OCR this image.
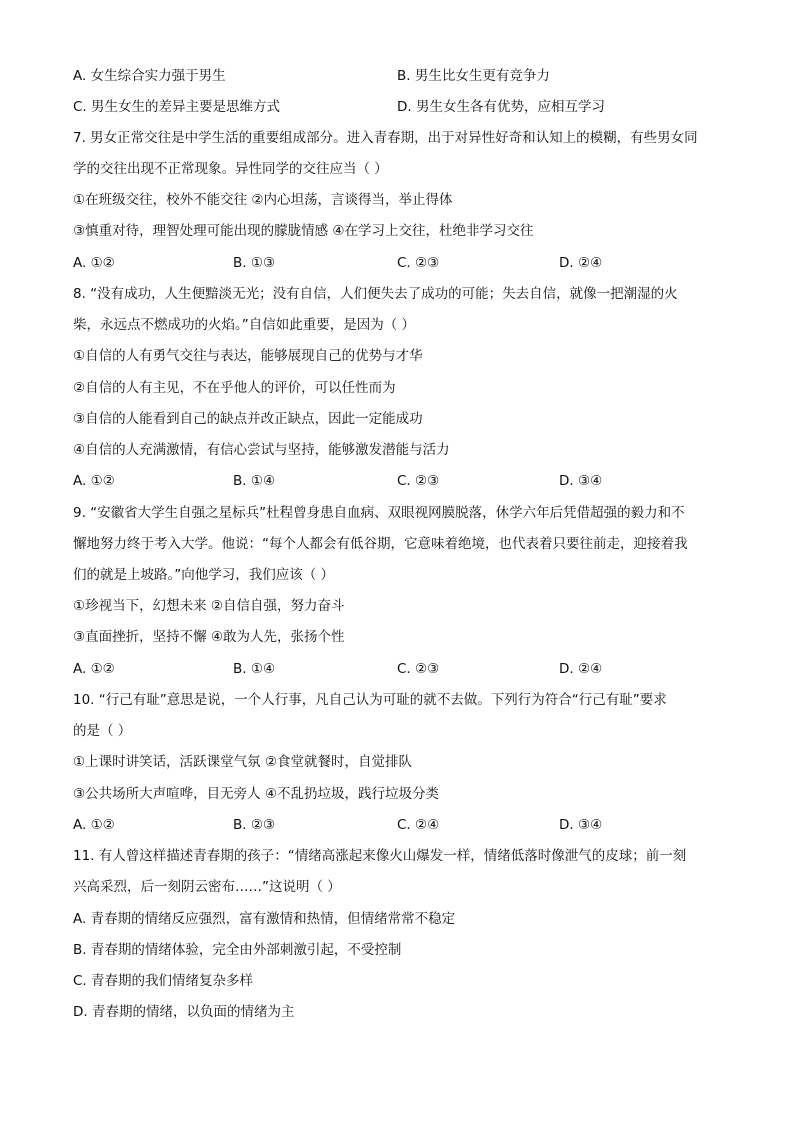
A. 女生综合实力强于男生	B. 男生比女生更有竞争力
C. 男生女生的差异主要是思维方式	D. 男生女生各有优势，应相互学习
7. 男女正常交往是中学生活的重要组成部分。进入青春期，出于对异性好奇和认知上的模糊，有些男女同
学的交往出现不正常现象。异性同学的交往应当（ ）
①在班级交往，校外不能交往 ②内心坦荡，言谈得当，举止得体
③慎重对待，理智处理可能出现的朦胧情感 ④在学习上交往，杜绝非学习交往
A. ①②	B. ①③	C. ②③	D. ②④
8. “没有成功，人生便黯淡无光；没有自信，人们便失去了成功的可能；失去自信，就像一把潮湿的火
柴，永远点不燃成功的火焰。”自信如此重要，是因为（ ）
①自信的人有勇气交往与表达，能够展现自己的优势与才华
②自信的人有主见，不在乎他人的评价，可以任性而为
③自信的人能看到自己的缺点并改正缺点，因此一定能成功
④自信的人充满激情，有信心尝试与坚持，能够激发潜能与活力
A. ①②	B. ①④	C. ②③	D. ③④
9. “安徽省大学生自强之星标兵”杜程曾身患自血病、双眼视网膜脱落，休学六年后凭借超强的毅力和不
懈地努力终于考入大学。他说：“每个人都会有低谷期，它意味着绝境，也代表着只要往前走，迎接着我
们的就是上坡路。”向他学习，我们应该（ ）
①珍视当下，幻想未来 ②自信自强，努力奋斗
③直面挫折，坚持不懈 ④敢为人先，张扬个性
A. ①②	B. ①④	C. ②③	D. ②④
10. “行己有耻”意思是说，一个人行事，凡自己认为可耻的就不去做。下列行为符合“行己有耻”要求
的是（ ）
①上课时讲笑话，活跃课堂气氛 ②食堂就餐时，自觉排队
③公共场所大声喧哗，目无旁人 ④不乱扔垃圾，践行垃圾分类
A. ①②	B. ②③	C. ②④	D. ③④
11. 有人曾这样描述青春期的孩子：“情绪高涨起来像火山爆发一样，情绪低落时像泄气的皮球；前一刻
兴高采烈，后一刻阴云密布……”这说明（ ）
A. 青春期的情绪反应强烈，富有激情和热情，但情绪常常不稳定
B. 青春期的情绪体验，完全由外部刺激引起，不受控制
C. 青春期的我们情绪复杂多样
D. 青春期的情绪，以负面的情绪为主
